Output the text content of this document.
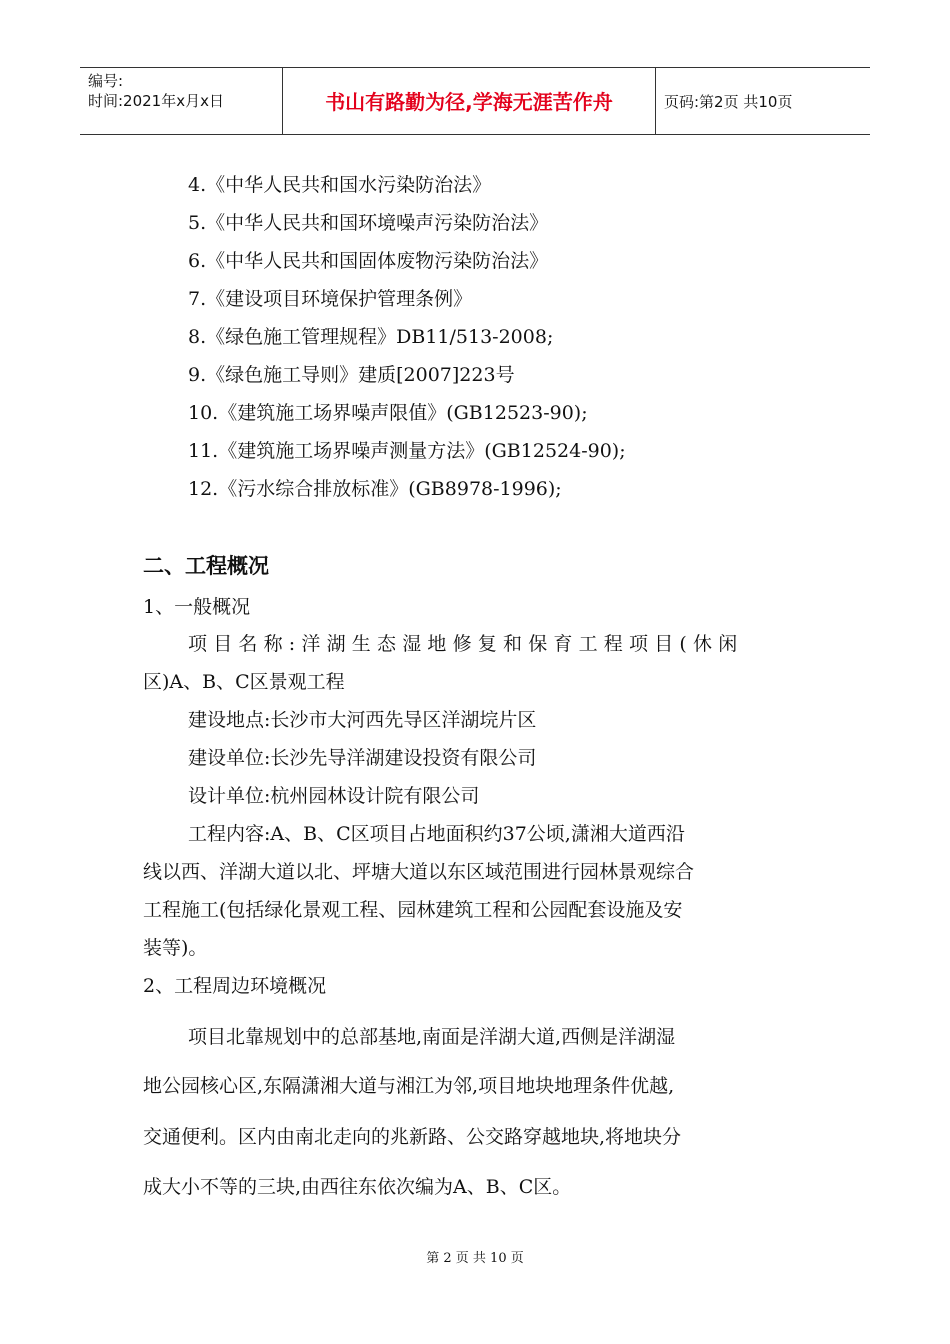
编号:
时间:2021年x月x日	书山有路勤为径,学海无涯苦作舟	页码:第2页 共10页
4.《中华人民共和国水污染防治法》
5.《中华人民共和国环境噪声污染防治法》
6.《中华人民共和国固体废物污染防治法》
7.《建设项目环境保护管理条例》
8.《绿色施工管理规程》DB11/513-2008;
9.《绿色施工导则》建质[2007]223号
10.《建筑施工场界噪声限值》(GB12523-90);
11.《建筑施工场界噪声测量方法》(GB12524-90);
12.《污水综合排放标准》(GB8978-1996);
二、工程概况
1、一般概况
项目名称:洋湖生态湿地修复和保育工程项目(休闲
区)A、B、C区景观工程
建设地点:长沙市大河西先导区洋湖垸片区
建设单位:长沙先导洋湖建设投资有限公司
设计单位:杭州园林设计院有限公司
工程内容:A、B、C区项目占地面积约37公顷,潇湘大道西沿
线以西、洋湖大道以北、坪塘大道以东区域范围进行园林景观综合
工程施工(包括绿化景观工程、园林建筑工程和公园配套设施及安
装等)。
2、工程周边环境概况
项目北靠规划中的总部基地,南面是洋湖大道,西侧是洋湖湿
地公园核心区,东隔潇湘大道与湘江为邻,项目地块地理条件优越,
交通便利。区内由南北走向的兆新路、公交路穿越地块,将地块分
成大小不等的三块,由西往东依次编为A、B、C区。
第 2 页 共 10 页
